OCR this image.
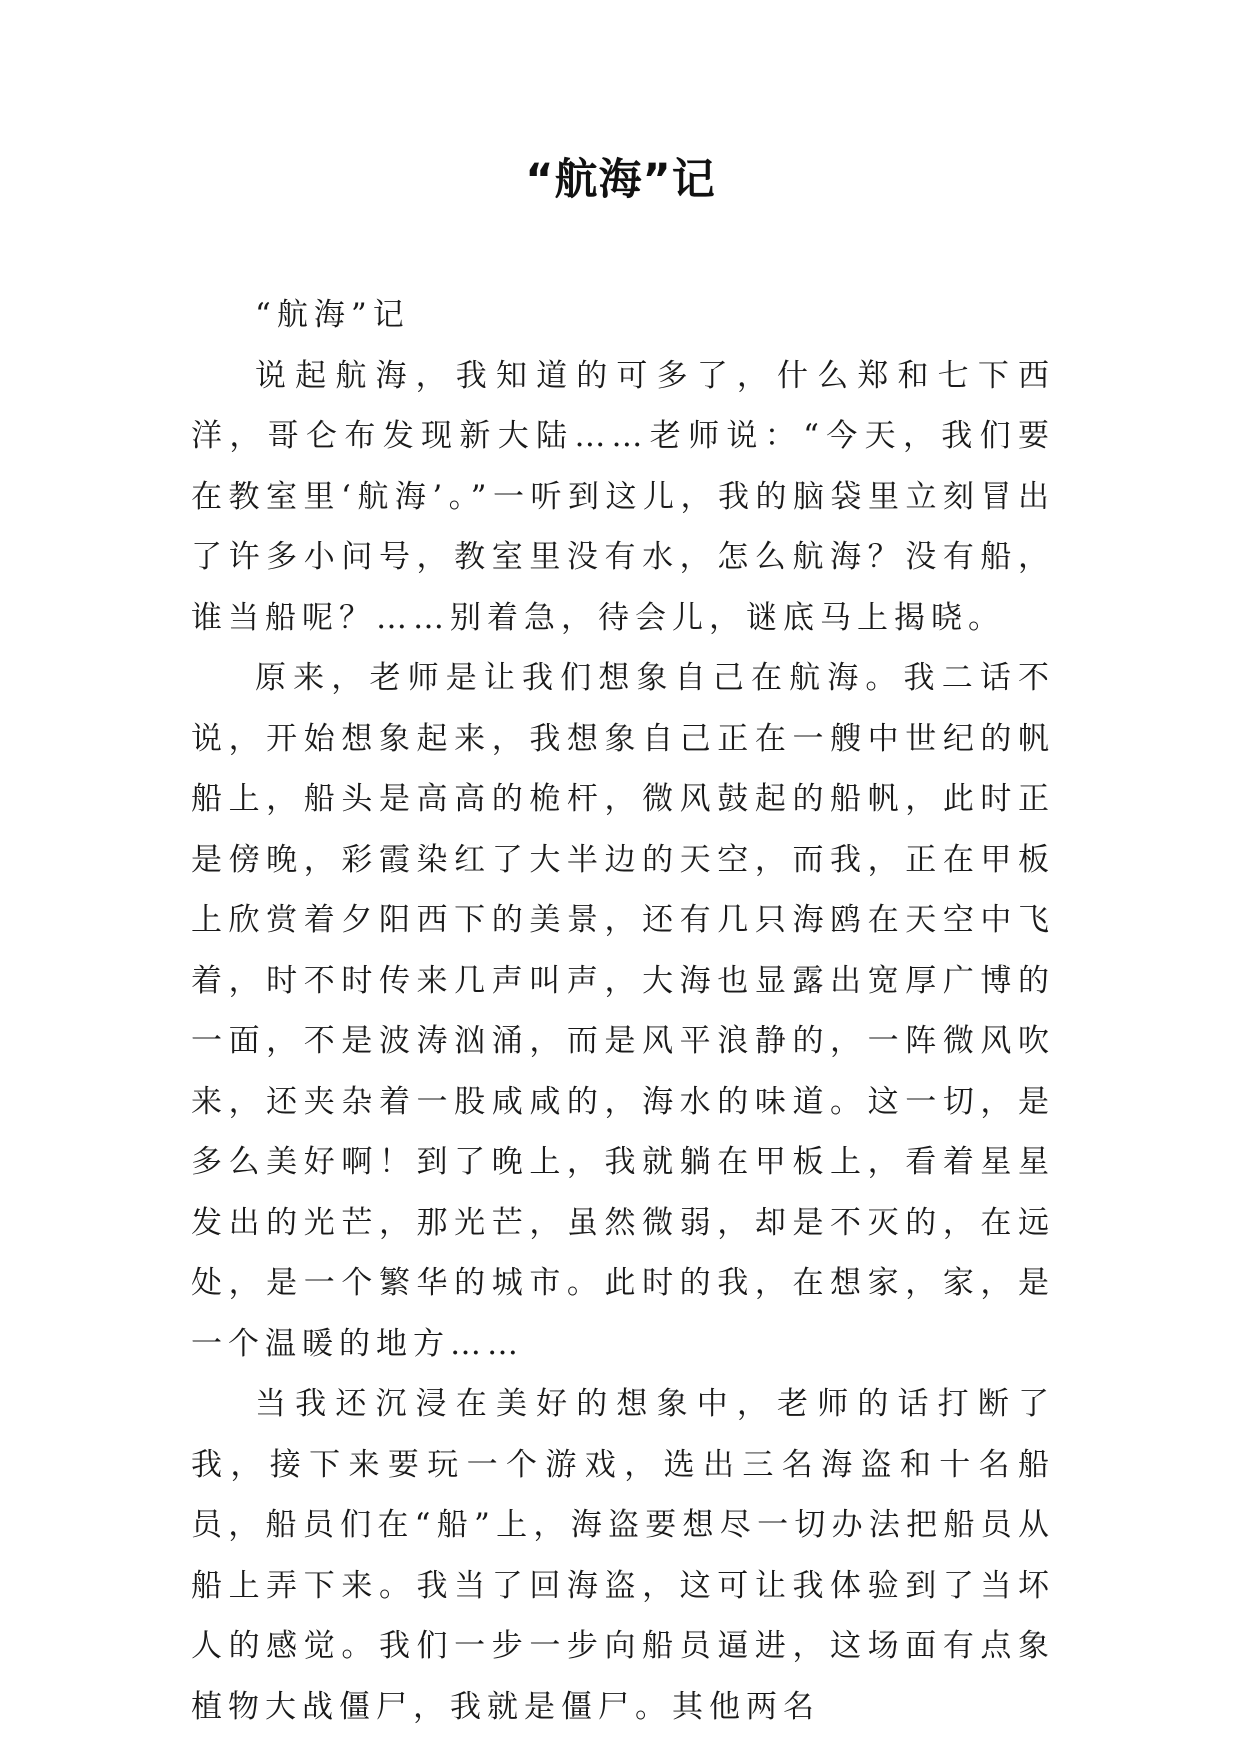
“航海”记

“航海”记

说起航海，我知道的可多了，什么郑和七下西洋，哥仑布发现新大陆……老师说：“今天，我们要在教室里‘航海’。”一听到这儿，我的脑袋里立刻冒出了许多小问号，教室里没有水，怎么航海？没有船，谁当船呢？……别着急，待会儿，谜底马上揭晓。

原来，老师是让我们想象自己在航海。我二话不说，开始想象起来，我想象自己正在一艘中世纪的帆船上，船头是高高的桅杆，微风鼓起的船帆，此时正是傍晚，彩霞染红了大半边的天空，而我，正在甲板上欣赏着夕阳西下的美景，还有几只海鸥在天空中飞着，时不时传来几声叫声，大海也显露出宽厚广博的一面，不是波涛汹涌，而是风平浪静的，一阵微风吹来，还夹杂着一股咸咸的，海水的味道。这一切，是多么美好啊！到了晚上，我就躺在甲板上，看着星星发出的光芒，那光芒，虽然微弱，却是不灭的，在远处，是一个繁华的城市。此时的我，在想家，家，是一个温暖的地方……

当我还沉浸在美好的想象中，老师的话打断了我，接下来要玩一个游戏，选出三名海盗和十名船员，船员们在“船”上，海盗要想尽一切办法把船员从船上弄下来。我当了回海盗，这可让我体验到了当坏人的感觉。我们一步一步向船员逼进，这场面有点象植物大战僵尸，我就是僵尸。其他两名
